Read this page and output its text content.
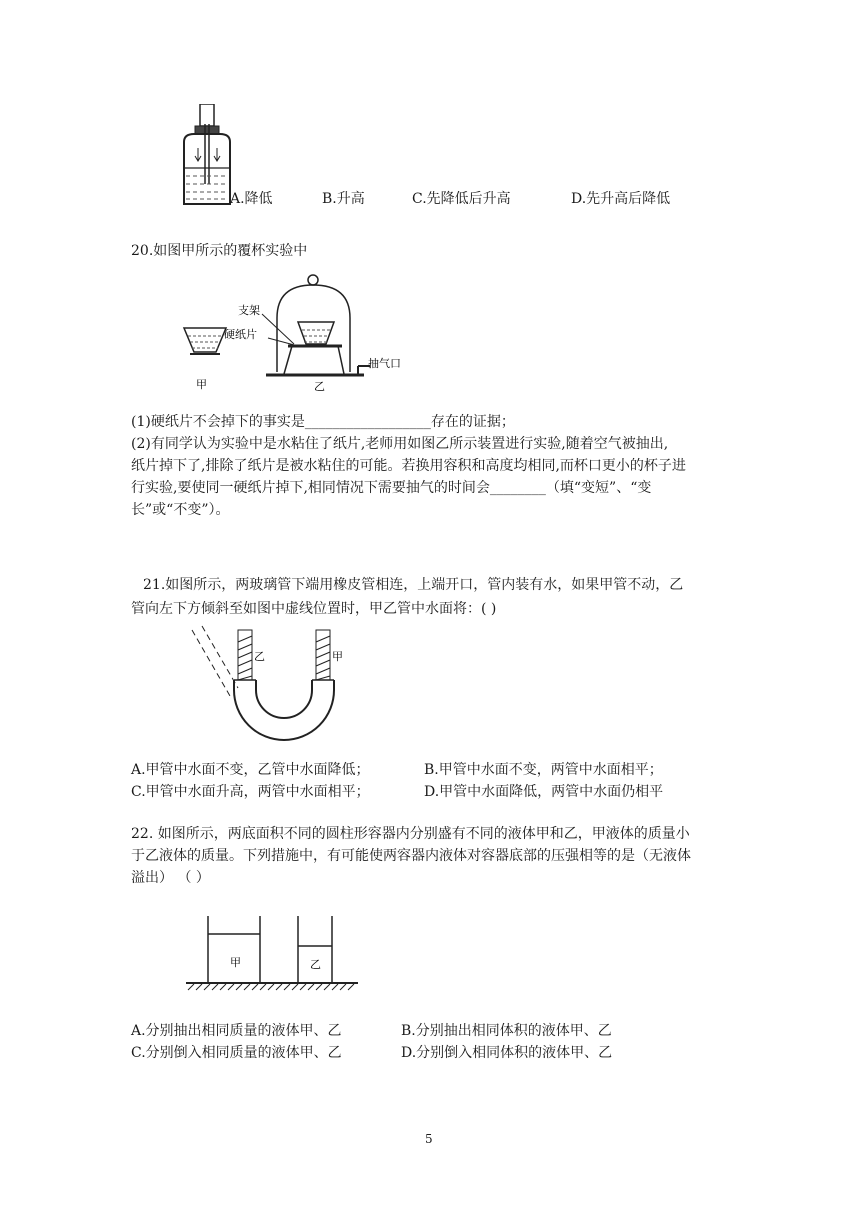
A.降低	B.升高	C.先降低后升高	D.先升高后降低
20.如图甲所示的覆杯实验中
支架
硬纸片
抽气口
甲	乙
(1)硬纸片不会掉下的事实是__________________存在的证据；
(2)有同学认为实验中是水粘住了纸片,老师用如图乙所示装置进行实验,随着空气被抽出,
纸片掉下了,排除了纸片是被水粘住的可能。若换用容积和高度均相同,而杯口更小的杯子进
行实验,要使同一硬纸片掉下,相同情况下需要抽气的时间会________（填“变短”、“变
长”或“不变”）。
21.如图所示，两玻璃管下端用橡皮管相连，上端开口，管内装有水，如果甲管不动，乙
管向左下方倾斜至如图中虚线位置时，甲乙管中水面将：( )
乙	甲
A.甲管中水面不变，乙管中水面降低；	B.甲管中水面不变，两管中水面相平；
C.甲管中水面升高，两管中水面相平；	D.甲管中水面降低，两管中水面仍相平
22. 如图所示，两底面积不同的圆柱形容器内分别盛有不同的液体甲和乙，甲液体的质量小
于乙液体的质量。下列措施中，有可能使两容器内液体对容器底部的压强相等的是（无液体
溢出） （ ）
甲	乙
A.分别抽出相同质量的液体甲、乙	B.分别抽出相同体积的液体甲、乙
C.分别倒入相同质量的液体甲、乙	D.分别倒入相同体积的液体甲、乙
5
